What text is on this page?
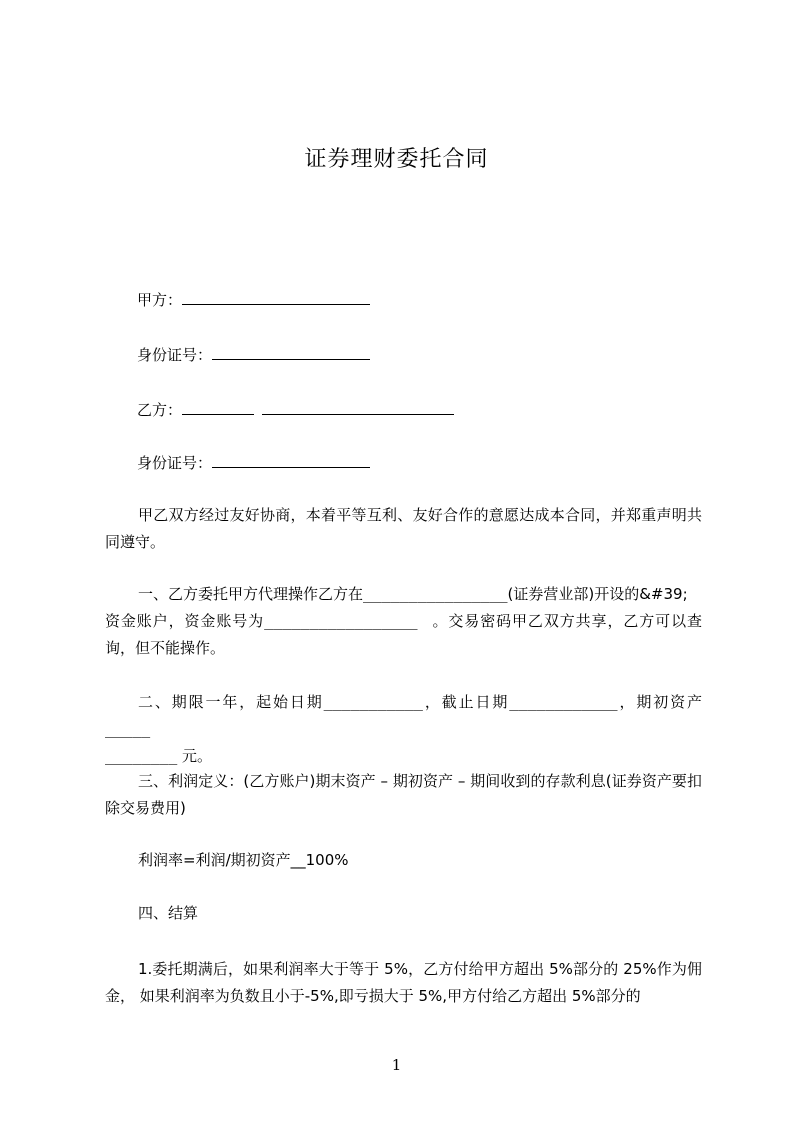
证券理财委托合同
甲方：
身份证号：
乙方：
身份证号：
甲乙双方经过友好协商，本着平等互利、友好合作的意愿达成本合同，并郑重声明共同遵守。
一、乙方委托甲方代理操作乙方在________________(证券营业部)开设的&#39;
资金账户，资金账号为_________________ 。交易密码甲乙双方共享，乙方可以查询，但不能操作。
二、期限一年，起始日期___________，截止日期____________，期初资产_____
________ 元。
三、利润定义：(乙方账户)期末资产 – 期初资产 – 期间收到的存款利息(证券资产要扣除交易费用)
利润率=利润/期初资产__100%
四、结算
1.委托期满后，如果利润率大于等于 5%，乙方付给甲方超出 5%部分的 25%作为佣金， 如果利润率为负数且小于-5%,即亏损大于 5%,甲方付给乙方超出 5%部分的
1
